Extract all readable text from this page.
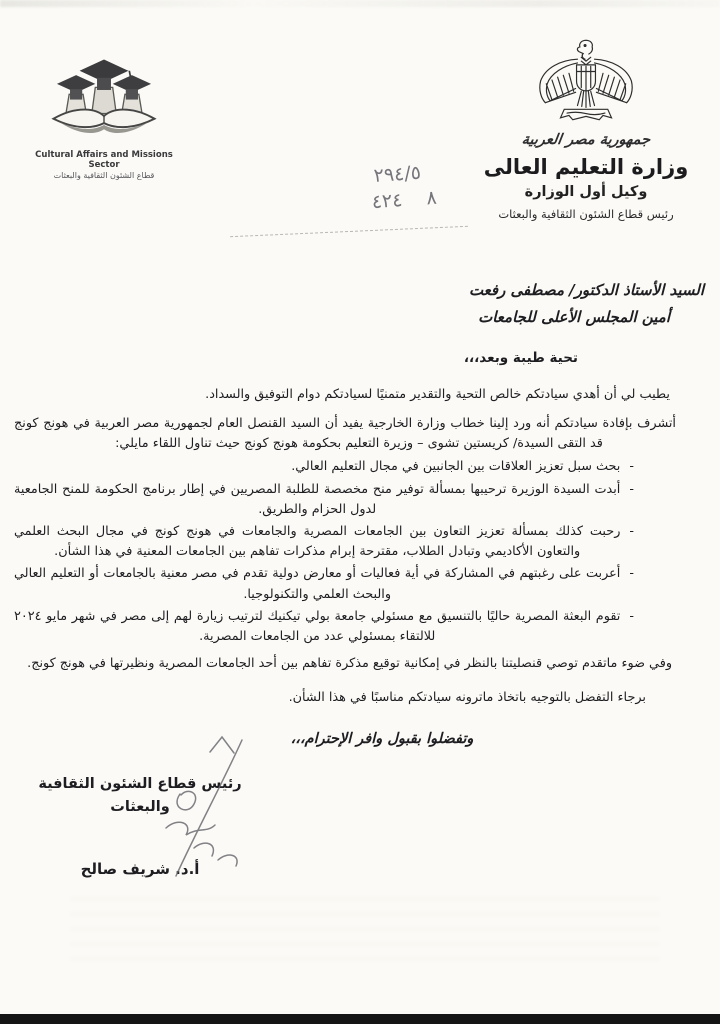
Cultural Affairs and Missions Sector
قطاع الشئون الثقافية والبعثات
جمهورية مصر العربية
وزارة التعليم العالى
وكيل أول الوزارة
رئيس قطاع الشئون الثقافية والبعثات
٢٩٤/٥
٨    ٤٢٤
السيد الأستاذ الدكتور/ مصطفى رفعت
أمين المجلس الأعلى للجامعات
تحية طيبة وبعد،،،

يطيب لي أن أهدي سيادتكم خالص التحية والتقدير متمنيًا لسيادتكم دوام التوفيق والسداد.

أتشرف بإفادة سيادتكم أنه ورد إلينا خطاب وزارة الخارجية يفيد أن السيد القنصل العام لجمهورية مصر العربية في هونج كونج قد التقى السيدة/ كريستين تشوى – وزيرة التعليم بحكومة هونج كونج حيث تناول اللقاء مايلي:

-
بحث سبل تعزيز العلاقات بين الجانبين في مجال التعليم العالي.
-
أبدت السيدة الوزيرة ترحيبها بمسألة توفير منح مخصصة للطلبة المصريين في إطار برنامج الحكومة للمنح الجامعية لدول الحزام والطريق.
-
رحبت كذلك بمسألة تعزيز التعاون بين الجامعات المصرية والجامعات في هونج كونج في مجال البحث العلمي والتعاون الأكاديمي وتبادل الطلاب، مقترحة إبرام مذكرات تفاهم بين الجامعات المعنية في هذا الشأن.
-
أعربت على رغبتهم في المشاركة في أية فعاليات أو معارض دولية تقدم في مصر معنية بالجامعات أو التعليم العالي والبحث العلمي والتكنولوجيا.
-
تقوم البعثة المصرية حاليًا بالتنسيق مع مسئولي جامعة بولي تيكنيك لترتيب زيارة لهم إلى مصر في شهر مايو ٢٠٢٤ للالتقاء بمسئولي عدد من الجامعات المصرية.

وفي ضوء ماتقدم توصي قنصليتنا بالنظر في إمكانية توقيع مذكرة تفاهم بين أحد الجامعات المصرية ونظيرتها في هونج كونج.

برجاء التفضل بالتوجيه باتخاذ ماترونه سيادتكم مناسبًا في هذا الشأن.

وتفضلوا بقبول وافر الإحترام،،،
رئيس قطاع الشئون الثقافية والبعثات
أ.د. شريف صالح
